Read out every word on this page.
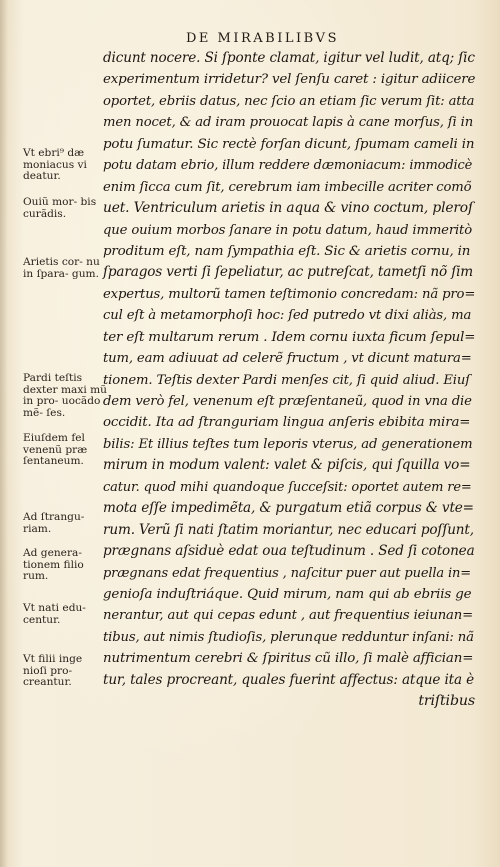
DE MIRABILIBVS
Vt ebri⁹ dæ moniacus vi deatur.
Ouiũ mor- bis curãdis.
Arietis cor- nu in ſpara- gum.
Pardi teſtis dexter maxi mũ in pro- uocãdo mẽ- ſes.
Eiuſdem fel venenũ præ ſentaneum.
Ad ſtrangu- riam.
Ad genera- tionem filio rum.
Vt nati edu- centur.
Vt filii inge nioſi pro- creantur.
dicunt nocere. Si ſponte clamat, igitur vel ludit, atq; ſic
experimentum irridetur? vel ſenſu caret : igitur adiicere
oportet, ebriis datus, nec ſcio an etiam ſic verum ſit: atta
men nocet, & ad iram prouocat lapis à cane morſus, ſi in
potu ſumatur. Sic rectè forſan dicunt, ſpumam cameli in
potu datam ebrio, illum reddere dæmoniacum: immodicè
enim ſicca cum ſit, cerebrum iam imbecille acriter comõ
uet. Ventriculum arietis in aqua & vino coctum, pleroſ
que ouium morbos ſanare in potu datum, haud immeritò
proditum eſt, nam ſympathia eſt. Sic & arietis cornu, in
ſparagos verti ſi ſepeliatur, ac putreſcat, tametſi nõ ſim
expertus, multorũ tamen teſtimonio concredam: nã pro=
cul eſt à metamorphoſi hoc: ſed putredo vt dixi aliàs, ma
ter eſt multarum rerum . Idem cornu iuxta ficum ſepul=
tum, eam adiuuat ad celerẽ fructum , vt dicunt matura=
tionem. Teſtis dexter Pardi menſes cit, ſi quid aliud. Eiuſ
dem verò fel, venenum eſt præſentaneũ, quod in vna die
occidit. Ita ad ſtranguriam lingua anſeris ebibita mira=
bilis: Et illius teſtes tum leporis vterus, ad generationem
mirum in modum valent: valet & piſcis, qui ſquilla vo=
catur. quod mihi quandoque ſucceſsit: oportet autem re=
mota eſſe impedimẽta, & purgatum etiã corpus & vte=
rum. Verũ ſi nati ſtatim moriantur, nec educari poſſunt,
prægnans aſsiduè edat oua teſtudinum . Sed ſi cotonea
prægnans edat frequentius , naſcitur puer aut puella in=
genioſa induſtriáque. Quid mirum, nam qui ab ebriis ge
nerantur, aut qui cepas edunt , aut frequentius ieiunan=
tibus, aut nimis ſtudioſis, plerunque redduntur inſani: nã
nutrimentum cerebri & ſpiritus cũ illo, ſi malè affician=
tur, tales procreant, quales fuerint affectus: atque ita è
triſtibus
